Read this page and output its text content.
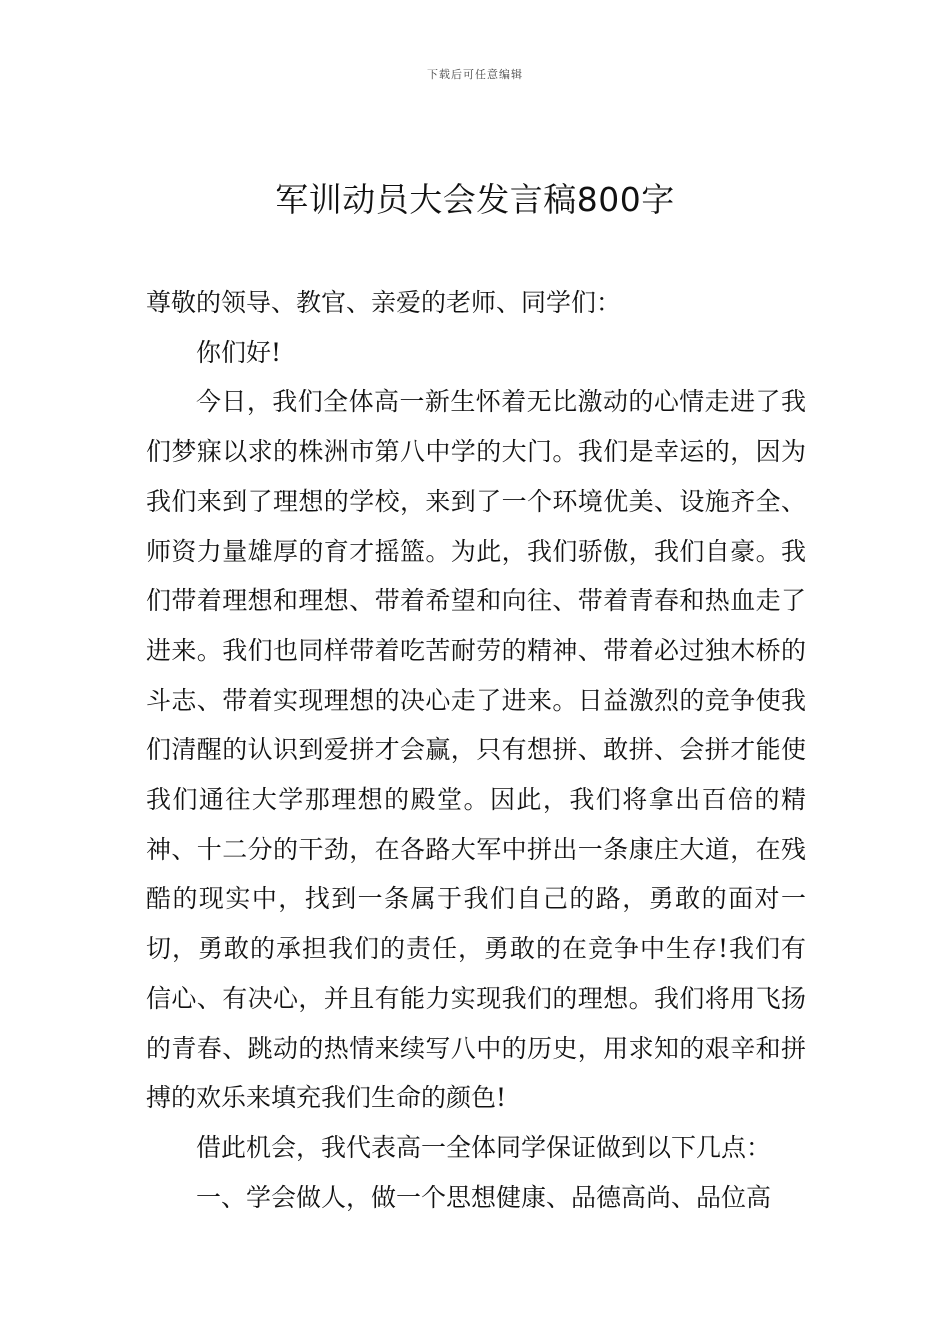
下载后可任意编辑
军训动员大会发言稿800字

尊敬的领导、教官、亲爱的老师、同学们：

你们好!

今日，我们全体高一新生怀着无比激动的心情走进了我们梦寐以求的株洲市第八中学的大门。我们是幸运的，因为我们来到了理想的学校，来到了一个环境优美、设施齐全、师资力量雄厚的育才摇篮。为此，我们骄傲，我们自豪。我们带着理想和理想、带着希望和向往、带着青春和热血走了进来。我们也同样带着吃苦耐劳的精神、带着必过独木桥的斗志、带着实现理想的决心走了进来。日益激烈的竞争使我们清醒的认识到爱拼才会赢，只有想拼、敢拼、会拼才能使我们通往大学那理想的殿堂。因此，我们将拿出百倍的精神、十二分的干劲，在各路大军中拼出一条康庄大道，在残酷的现实中，找到一条属于我们自己的路，勇敢的面对一切，勇敢的承担我们的责任，勇敢的在竞争中生存!我们有信心、有决心，并且有能力实现我们的理想。我们将用飞扬的青春、跳动的热情来续写八中的历史，用求知的艰辛和拼搏的欢乐来填充我们生命的颜色!

借此机会，我代表高一全体同学保证做到以下几点：

一、学会做人，做一个思想健康、品德高尚、品位高
